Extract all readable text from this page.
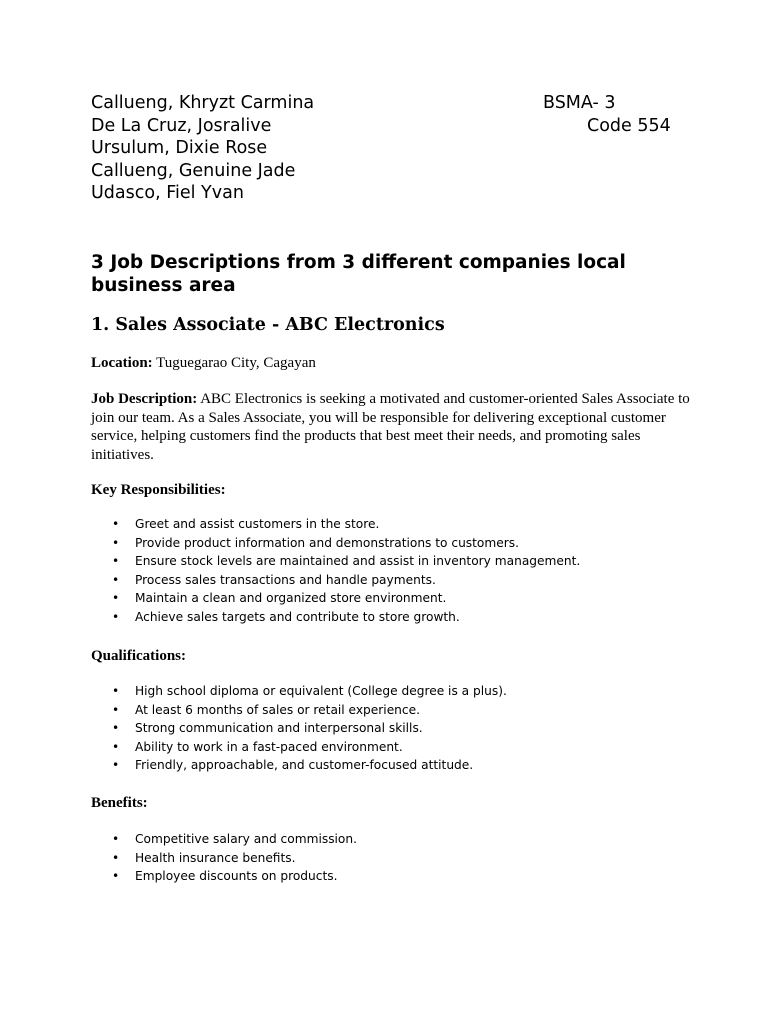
Callueng, Khryzt Carmina
De La Cruz, Josralive
Ursulum, Dixie Rose
Callueng, Genuine Jade
Udasco, Fiel Yvan
BSMA- 3
Code 554
3 Job Descriptions from 3 different companies local business area
1. Sales Associate - ABC Electronics
Location: Tuguegarao City, Cagayan
Job Description: ABC Electronics is seeking a motivated and customer-oriented Sales Associate to join our team. As a Sales Associate, you will be responsible for delivering exceptional customer service, helping customers find the products that best meet their needs, and promoting sales initiatives.
Key Responsibilities:
• Greet and assist customers in the store.
• Provide product information and demonstrations to customers.
• Ensure stock levels are maintained and assist in inventory management.
• Process sales transactions and handle payments.
• Maintain a clean and organized store environment.
• Achieve sales targets and contribute to store growth.
Qualifications:
• High school diploma or equivalent (College degree is a plus).
• At least 6 months of sales or retail experience.
• Strong communication and interpersonal skills.
• Ability to work in a fast-paced environment.
• Friendly, approachable, and customer-focused attitude.
Benefits:
• Competitive salary and commission.
• Health insurance benefits.
• Employee discounts on products.
